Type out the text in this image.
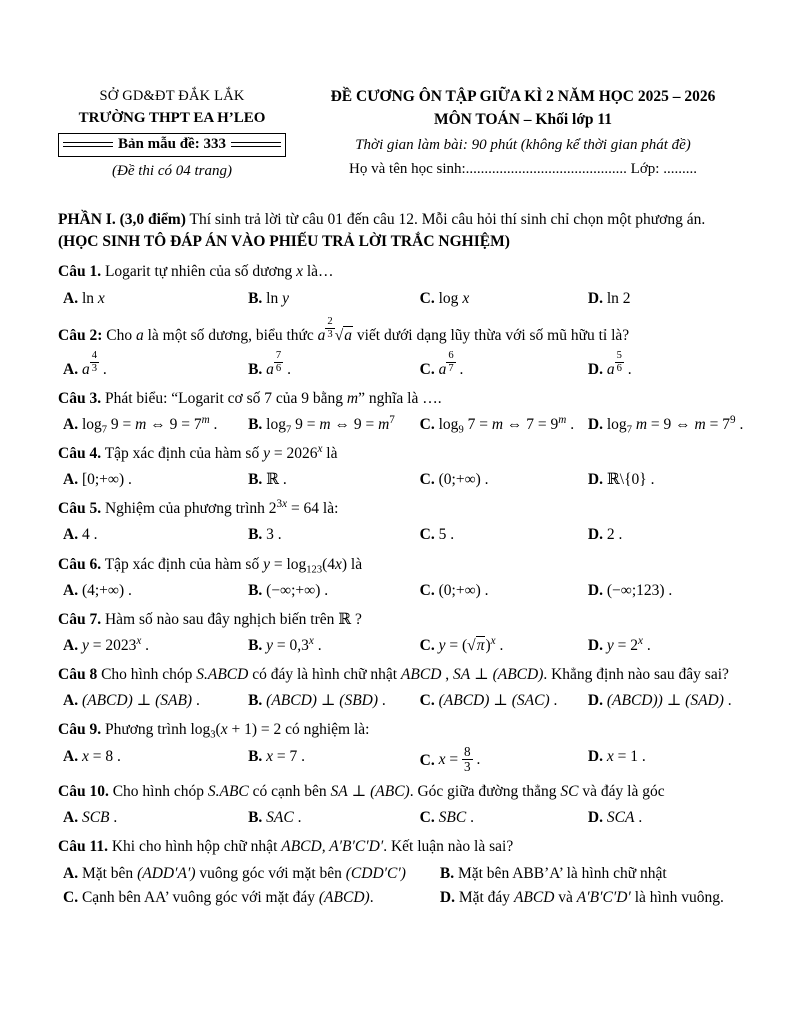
SỞ GD&ĐT ĐẮK LẮK
TRƯỜNG THPT EA H’LEO
Bản mẫu đề: 333
(Đề thi có 04 trang)
ĐỀ CƯƠNG ÔN TẬP GIỮA KÌ 2 NĂM HỌC 2025 – 2026
MÔN TOÁN – Khối lớp 11
Thời gian làm bài: 90 phút (không kể thời gian phát đề)
Họ và tên học sinh:........................................... Lớp: .........
PHẦN I. (3,0 điểm) Thí sinh trả lời từ câu 01 đến câu 12. Mỗi câu hỏi thí sinh chỉ chọn một phương án.
(HỌC SINH TÔ ĐÁP ÁN VÀO PHIẾU TRẢ LỜI TRẮC NGHIỆM)
Câu 1. Logarit tự nhiên của số dương x là…
A. ln x	B. ln y	C. log x	D. ln 2
Câu 2: Cho a là một số dương, biểu thức a $^{\frac{2}{3}}$ √a viết dưới dạng lũy thừa với số mũ hữu tỉ là?
A. a $^{\frac{4}{3}}$ .	B. a $^{\frac{7}{6}}$ .	C. a $^{\frac{6}{7}}$ .	D. a $^{\frac{5}{6}}$ .
Câu 3. Phát biểu: “Logarit cơ số 7 của 9 bằng m” nghĩa là ….
A. $\log_7 9 = m$ ⇔ $9 = 7^m$ .	B. $\log_7 9 = m$ ⇔ $9 = m^7$	C. $\log_9 7 = m$ ⇔ $7 = 9^m$ . D. $\log_7 m = 9$ ⇔ $m = 7^9$ .
Câu 4. Tập xác định của hàm số $y = 2026^x$ là
A. [0;+∞) .	B. ℝ .	C. (0;+∞) .	D. ℝ\{0} .
Câu 5. Nghiệm của phương trình $2^{3x} = 64$ là:
A. 4 .	B. 3 .	C. 5 .	D. 2 .
Câu 6. Tập xác định của hàm số $y = \log_{123}(4x)$ là
A. (4;+∞) .	B. (−∞;+∞) .	C. (0;+∞) .	D. (−∞;123) .
Câu 7. Hàm số nào sau đây nghịch biến trên ℝ ?
A. $y = 2023^x$ .	B. $y = 0,3^x$ .	C. $y = (√\pi)^x$ .	D. $y = 2^x$ .
Câu 8 Cho hình chóp S.ABCD có đáy là hình chữ nhật ABCD , SA ⊥ (ABCD). Khẳng định nào sau đây sai?
A. (ABCD) ⊥ (SAB) .	B. (ABCD) ⊥ (SBD) .	C. (ABCD) ⊥ (SAC) .	D. (ABCD)) ⊥ (SAD) .
Câu 9. Phương trình $\log_3(x + 1) = 2$ có nghiệm là:
A. x = 8 .	B. x = 7 .	C. $x = \frac{8}{3}$ .	D. x = 1 .
Câu 10. Cho hình chóp S.ABC có cạnh bên SA ⊥ (ABC). Góc giữa đường thẳng SC và đáy là góc
A. SCB .	B. SAC .	C. SBC .	D. SCA .
Câu 11. Khi cho hình hộp chữ nhật ABCD, A′B′C′D′. Kết luận nào là sai?
A. Mặt bên (ADD′A′) vuông góc với mặt bên (CDD′C′)	B. Mặt bên ABB’A’ là hình chữ nhật
C. Cạnh bên AA’ vuông góc với mặt đáy (ABCD).	D. Mặt đáy ABCD và A′B′C′D′ là hình vuông.
